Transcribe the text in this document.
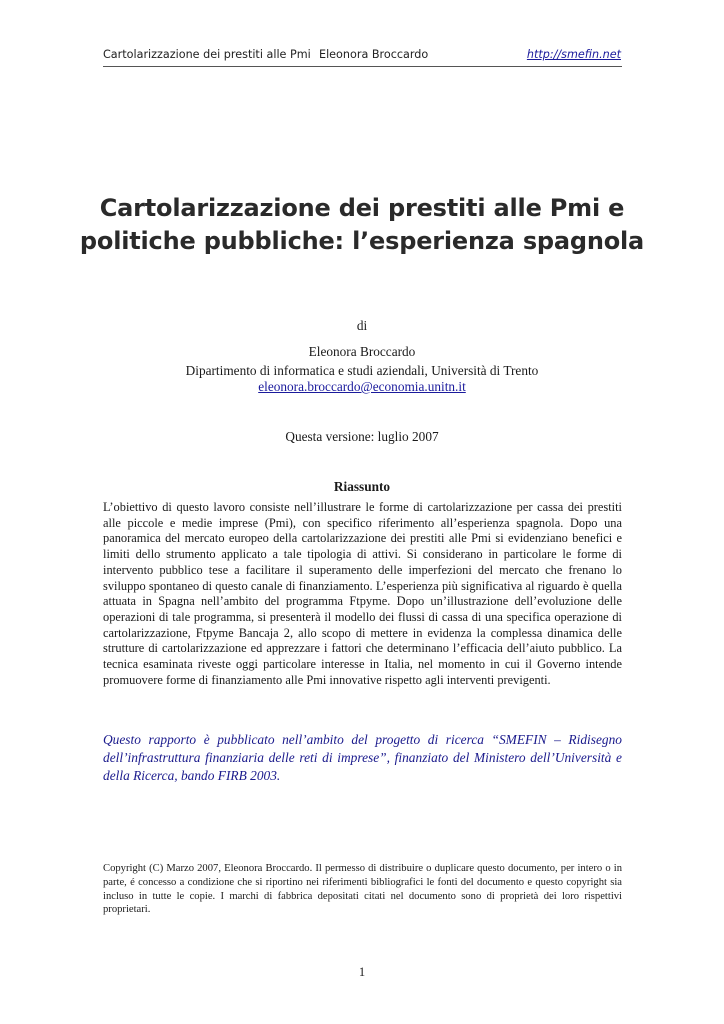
Cartolarizzazione dei prestiti alle Pmi Eleonora Broccardo	http://smefin.net
Cartolarizzazione dei prestiti alle Pmi e
politiche pubbliche: l’esperienza spagnola
di
Eleonora Broccardo
Dipartimento di informatica e studi aziendali, Università di Trento
eleonora.broccardo@economia.unitn.it
Questa versione: luglio 2007
Riassunto
L’obiettivo di questo lavoro consiste nell’illustrare le forme di cartolarizzazione per cassa dei prestiti alle piccole e medie imprese (Pmi), con specifico riferimento all’esperienza spagnola. Dopo una panoramica del mercato europeo della cartolarizzazione dei prestiti alle Pmi si evidenziano benefici e limiti dello strumento applicato a tale tipologia di attivi. Si considerano in particolare le forme di intervento pubblico tese a facilitare il superamento delle imperfezioni del mercato che frenano lo sviluppo spontaneo di questo canale di finanziamento. L’esperienza più significativa al riguardo è quella attuata in Spagna nell’ambito del programma Ftpyme. Dopo un’illustrazione dell’evoluzione delle operazioni di tale programma, si presenterà il modello dei flussi di cassa di una specifica operazione di cartolarizzazione, Ftpyme Bancaja 2, allo scopo di mettere in evidenza la complessa dinamica delle strutture di cartolarizzazione ed apprezzare i fattori che determinano l’efficacia dell’aiuto pubblico. La tecnica esaminata riveste oggi particolare interesse in Italia, nel momento in cui il Governo intende promuovere forme di finanziamento alle Pmi innovative rispetto agli interventi previgenti.
Questo rapporto è pubblicato nell’ambito del progetto di ricerca “SMEFIN – Ridisegno dell’infrastruttura finanziaria delle reti di imprese”, finanziato del Ministero dell’Università e della Ricerca, bando FIRB 2003.
Copyright (C) Marzo 2007, Eleonora Broccardo. Il permesso di distribuire o duplicare questo documento, per intero o in parte, é concesso a condizione che si riportino nei riferimenti bibliografici le fonti del documento e questo copyright sia incluso in tutte le copie. I marchi di fabbrica depositati citati nel documento sono di proprietà dei loro rispettivi proprietari.
1
